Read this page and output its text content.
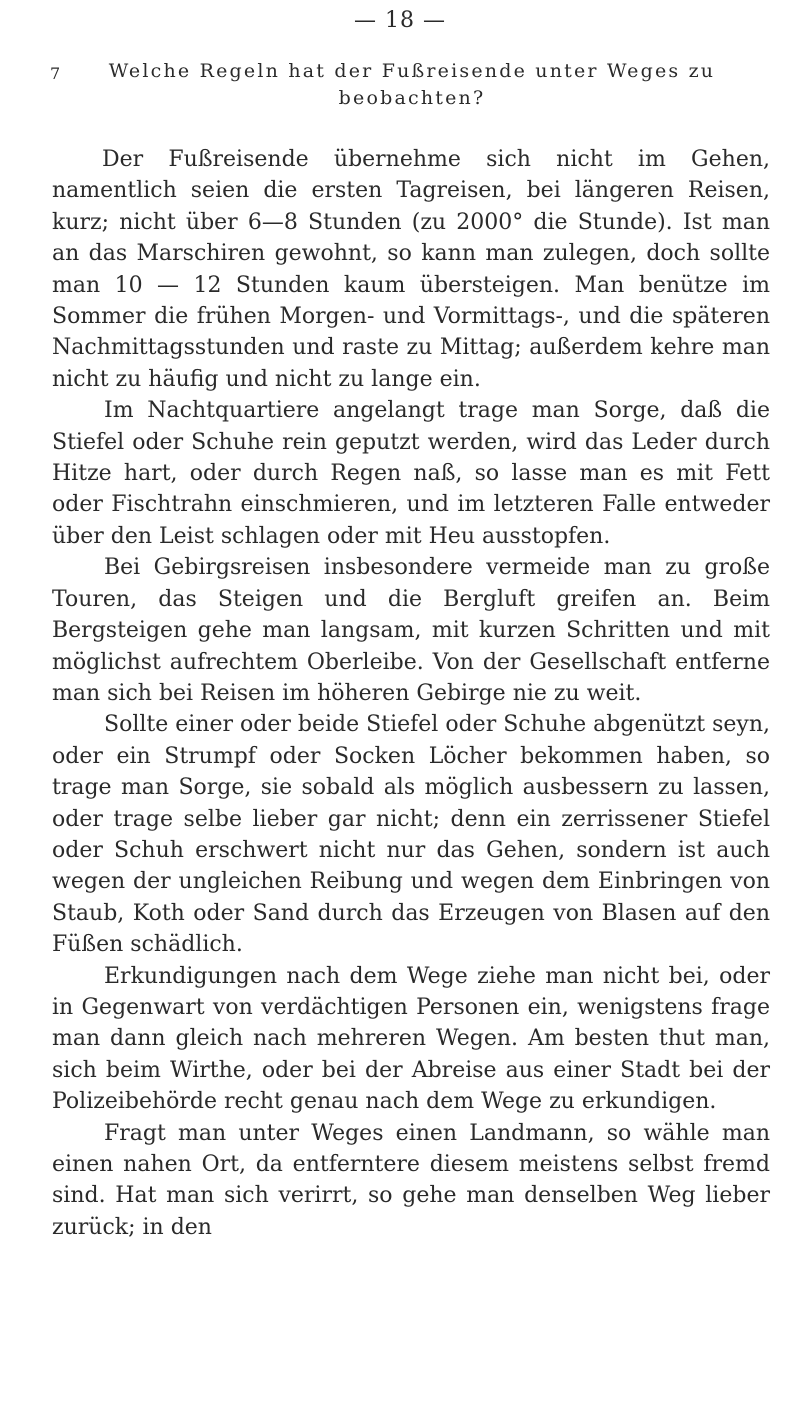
— 18 —
7 Welche Regeln hat der Fußreisende unter Weges zu beobachten?

Der Fußreisende übernehme sich nicht im Gehen, namentlich seien die ersten Tagreisen, bei längeren Reisen, kurz; nicht über 6—8 Stunden (zu 2000° die Stunde). Ist man an das Marschiren gewohnt, so kann man zulegen, doch sollte man 10 — 12 Stunden kaum übersteigen. Man benütze im Sommer die frühen Morgen- und Vormittags-, und die späteren Nachmittagsstunden und raste zu Mittag; außerdem kehre man nicht zu häufig und nicht zu lange ein.

Im Nachtquartiere angelangt trage man Sorge, daß die Stiefel oder Schuhe rein geputzt werden, wird das Leder durch Hitze hart, oder durch Regen naß, so lasse man es mit Fett oder Fischtrahn einschmieren, und im letzteren Falle entweder über den Leist schlagen oder mit Heu ausstopfen.

Bei Gebirgsreisen insbesondere vermeide man zu große Touren, das Steigen und die Bergluft greifen an. Beim Bergsteigen gehe man langsam, mit kurzen Schritten und mit möglichst aufrechtem Oberleibe. Von der Gesellschaft entferne man sich bei Reisen im höheren Gebirge nie zu weit.

Sollte einer oder beide Stiefel oder Schuhe abgenützt seyn, oder ein Strumpf oder Socken Löcher bekommen haben, so trage man Sorge, sie sobald als möglich ausbessern zu lassen, oder trage selbe lieber gar nicht; denn ein zerrissener Stiefel oder Schuh erschwert nicht nur das Gehen, sondern ist auch wegen der ungleichen Reibung und wegen dem Einbringen von Staub, Koth oder Sand durch das Erzeugen von Blasen auf den Füßen schädlich.

Erkundigungen nach dem Wege ziehe man nicht bei, oder in Gegenwart von verdächtigen Personen ein, wenigstens frage man dann gleich nach mehreren Wegen. Am besten thut man, sich beim Wirthe, oder bei der Abreise aus einer Stadt bei der Polizeibehörde recht genau nach dem Wege zu erkundigen.

Fragt man unter Weges einen Landmann, so wähle man einen nahen Ort, da entferntere diesem meistens selbst fremd sind. Hat man sich verirrt, so gehe man denselben Weg lieber zurück; in den
